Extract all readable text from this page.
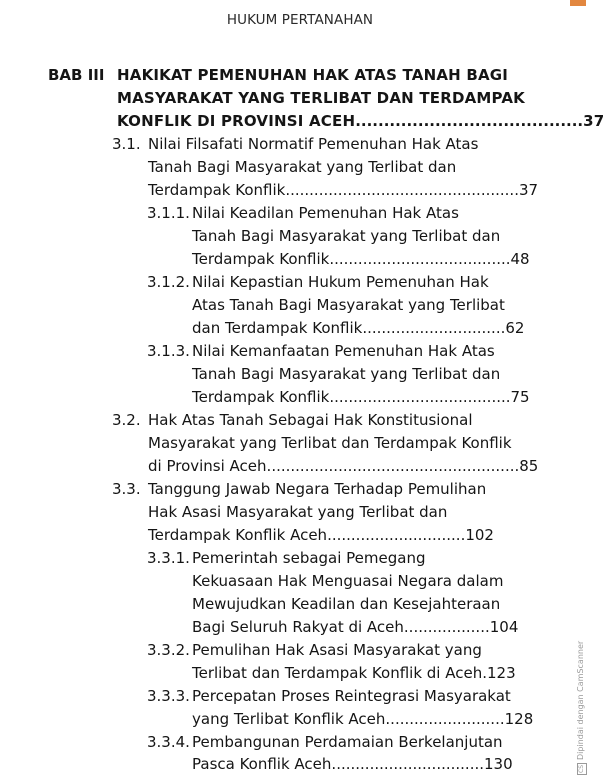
HUKUM PERTANAHAN
BAB III HAKIKAT PEMENUHAN HAK ATAS TANAH BAGI
MASYARAKAT YANG TERLIBAT DAN TERDAMPAK
KONFLIK DI PROVINSI ACEH........................................37
3.1. Nilai Filsafati Normatif Pemenuhan Hak Atas
Tanah Bagi Masyarakat yang Terlibat dan
Terdampak Konflik.................................................37
3.1.1. Nilai Keadilan Pemenuhan Hak Atas
Tanah Bagi Masyarakat yang Terlibat dan
Terdampak Konflik......................................48
3.1.2. Nilai Kepastian Hukum Pemenuhan Hak
Atas Tanah Bagi Masyarakat yang Terlibat
dan Terdampak Konflik..............................62
3.1.3. Nilai Kemanfaatan Pemenuhan Hak Atas
Tanah Bagi Masyarakat yang Terlibat dan
Terdampak Konflik......................................75
3.2. Hak Atas Tanah Sebagai Hak Konstitusional
Masyarakat yang Terlibat dan Terdampak Konflik
di Provinsi Aceh.....................................................85
3.3. Tanggung Jawab Negara Terhadap Pemulihan
Hak Asasi Masyarakat yang Terlibat dan
Terdampak Konflik Aceh.............................102
3.3.1. Pemerintah sebagai Pemegang
Kekuasaan Hak Menguasai Negara dalam
Mewujudkan Keadilan dan Kesejahteraan
Bagi Seluruh Rakyat di Aceh..................104
3.3.2. Pemulihan Hak Asasi Masyarakat yang
Terlibat dan Terdampak Konflik di Aceh.123
3.3.3. Percepatan Proses Reintegrasi Masyarakat
yang Terlibat Konflik Aceh.........................128
3.3.4. Pembangunan Perdamaian Berkelanjutan
Pasca Konflik Aceh................................130	CSDipindai dengan CamScanner
